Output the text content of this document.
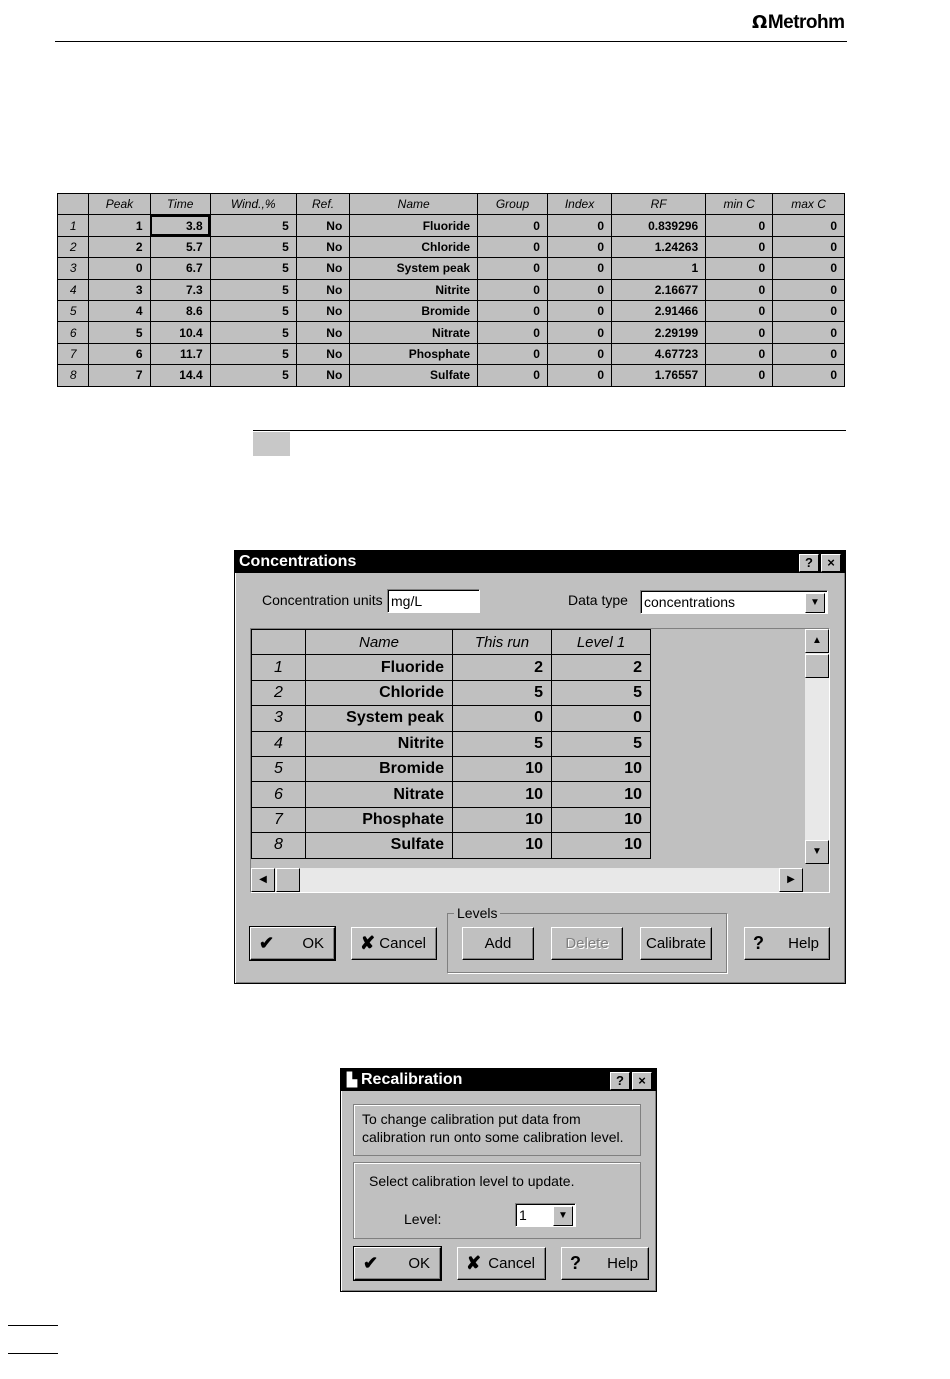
ΩMetrohm
	Peak	Time	Wind.,%	Ref.	Name	Group	Index	RF	min C	max C
1	1	3.8	5	No	Fluoride	0	0	0.839296	0	0
2	2	5.7	5	No	Chloride	0	0	1.24263	0	0
3	0	6.7	5	No	System peak	0	0	1	0	0
4	3	7.3	5	No	Nitrite	0	0	2.16677	0	0
5	4	8.6	5	No	Bromide	0	0	2.91466	0	0
6	5	10.4	5	No	Nitrate	0	0	2.29199	0	0
7	6	11.7	5	No	Phosphate	0	0	4.67723	0	0
8	7	14.4	5	No	Sulfate	0	0	1.76557	0	0
Concentrations	?	×
Concentration units mg/L	Data type concentrations	▼
	Name	This run	Level 1
1	Fluoride	2	2
2	Chloride	5	5
3	System peak	0	0
4	Nitrite	5	5
5	Bromide	10	10
6	Nitrate	10	10
7	Phosphate	10	10
8	Sulfate	10	10
▲
▼
◀	▶
✔ OK ✘ Cancel
Levels
Add	Delete	Calibrate	? Help
▙ Recalibration	?	×
To change calibration put data from
calibration run onto some calibration level.
Select calibration level to update.
Level:	1	▼
✔ OK ✘ Cancel ? Help
